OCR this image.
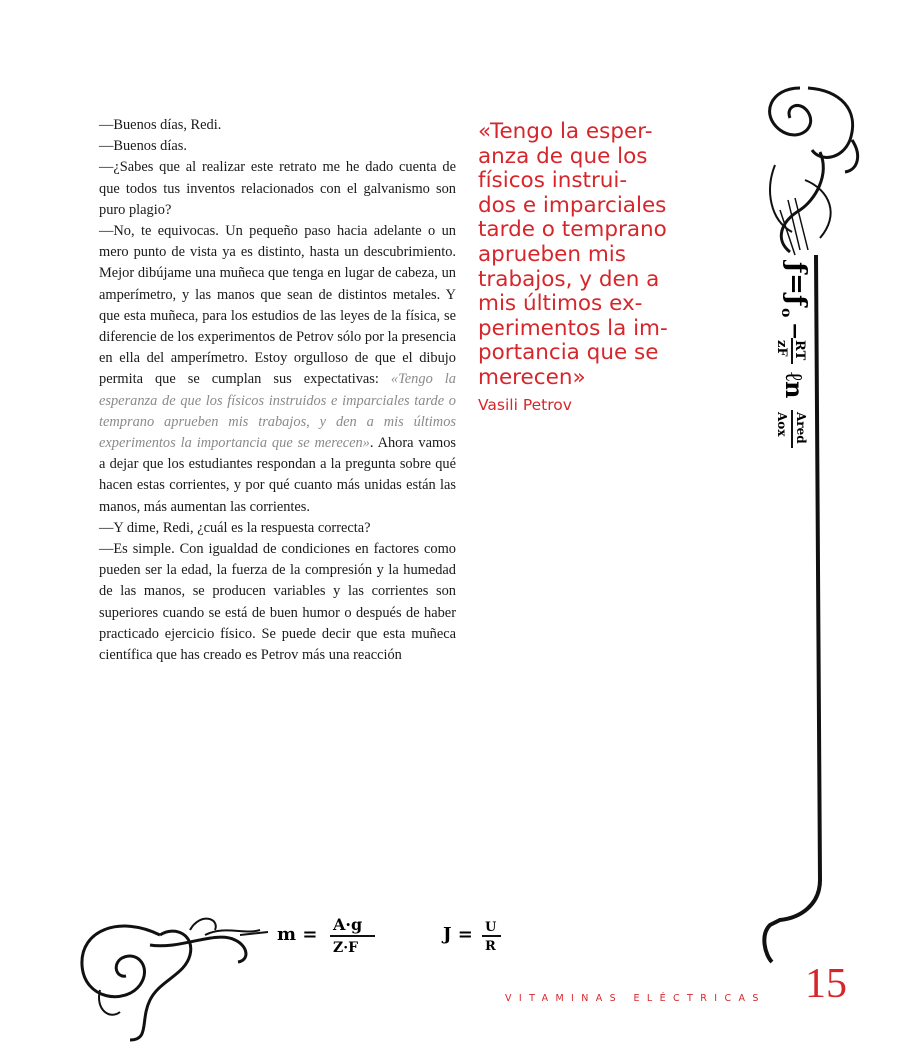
—Buenos días, Redi.

—Buenos días.

—¿Sabes que al realizar este retrato me he dado cuenta de que todos tus inventos relacionados con el galvanismo son puro plagio?

—No, te equivocas. Un pequeño paso hacia adelante o un mero punto de vista ya es distinto, hasta un descubrimiento. Mejor dibújame una muñeca que tenga en lugar de cabeza, un amperímetro, y las manos que sean de distintos metales. Y que esta muñeca, para los estudios de las leyes de la física, se diferencie de los experimentos de Petrov sólo por la presencia en ella del amperímetro. Estoy orgulloso de que el dibujo permita que se cumplan sus expectativas: «Tengo la esperanza de que los físicos instruidos e imparciales tarde o temprano aprueben mis trabajos, y den a mis últimos experimentos la importancia que se merecen». Ahora vamos a dejar que los estudiantes respondan a la pregunta sobre qué hacen estas corrientes, y por qué cuanto más unidas están las manos, más aumentan las corrientes.

—Y dime, Redi, ¿cuál es la respuesta correcta?

—Es simple. Con igualdad de condiciones en factores como pueden ser la edad, la fuerza de la compresión y la humedad de las manos, se producen variables y las corrientes son superiores cuando se está de buen humor o después de haber practicado ejercicio físico. Se puede decir que esta muñeca científica que has creado es Petrov más una reacción

«Tengo la esper-
anza de que los
físicos instrui-
dos e imparciales
tarde o temprano
aprueben mis
trabajos, y den a
mis últimos ex-
perimentos la im-
portancia que se
merecen»

Vasili Petrov
ƒ=ƒ
o
−
RT
zF
ℓn
Ared
Aox
m = A·g
Z·F
J = U
R
VITAMINAS ELÉCTRICAS 15
